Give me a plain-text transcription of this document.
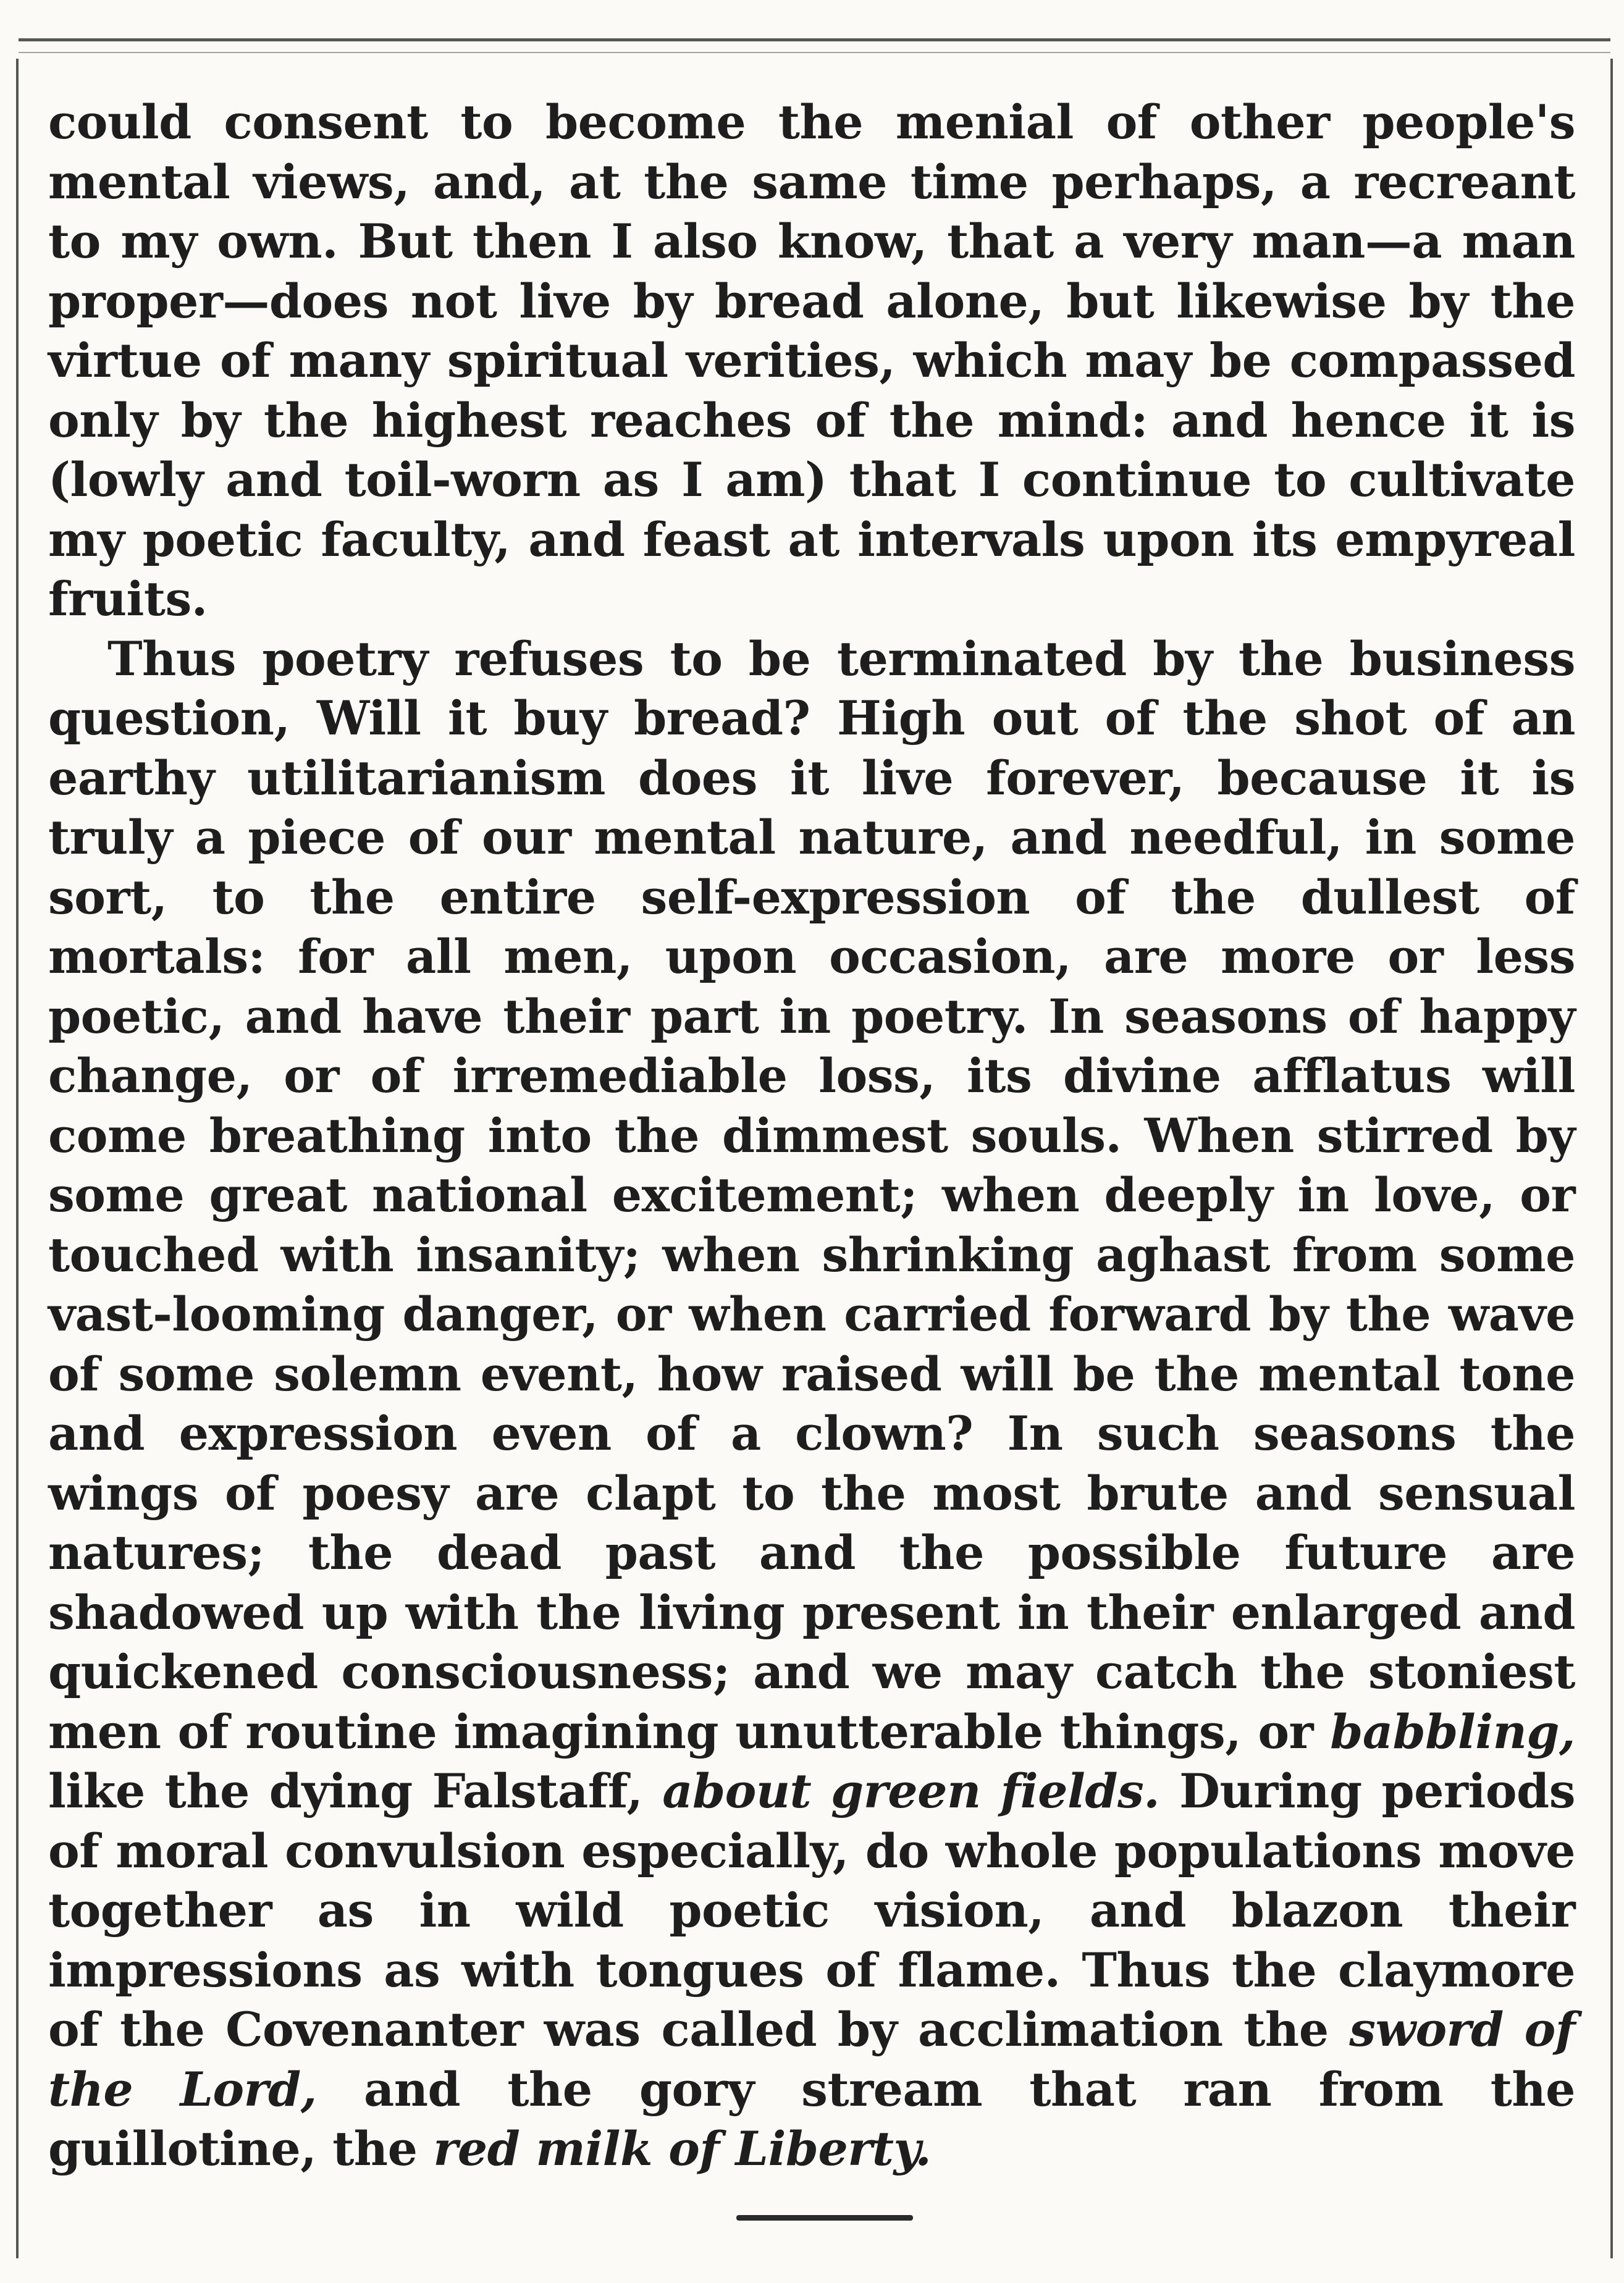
could consent to become the menial of other people's mental views, and, at the same time perhaps, a recreant to my own. But then I also know, that a very man—a man proper—does not live by bread alone, but likewise by the virtue of many spiritual verities, which may be compassed only by the highest reaches of the mind: and hence it is (lowly and toil-worn as I am) that I continue to cultivate my poetic faculty, and feast at intervals upon its empyreal fruits.

Thus poetry refuses to be terminated by the business question, Will it buy bread? High out of the shot of an earthy utilitarianism does it live forever, because it is truly a piece of our mental nature, and needful, in some sort, to the entire self-expression of the dullest of mortals: for all men, upon occasion, are more or less poetic, and have their part in poetry. In seasons of happy change, or of irremediable loss, its divine afflatus will come breathing into the dimmest souls. When stirred by some great national excitement; when deeply in love, or touched with insanity; when shrinking aghast from some vast-looming danger, or when carried forward by the wave of some solemn event, how raised will be the mental tone and expression even of a clown? In such seasons the wings of poesy are clapt to the most brute and sensual natures; the dead past and the possible future are shadowed up with the living present in their enlarged and quickened consciousness; and we may catch the stoniest men of routine imagining unutterable things, or babbling, like the dying Falstaff, about green fields. During periods of moral convulsion especially, do whole populations move together as in wild poetic vision, and blazon their impressions as with tongues of flame. Thus the claymore of the Covenanter was called by acclimation the sword of the Lord, and the gory stream that ran from the guillotine, the red milk of Liberty.
